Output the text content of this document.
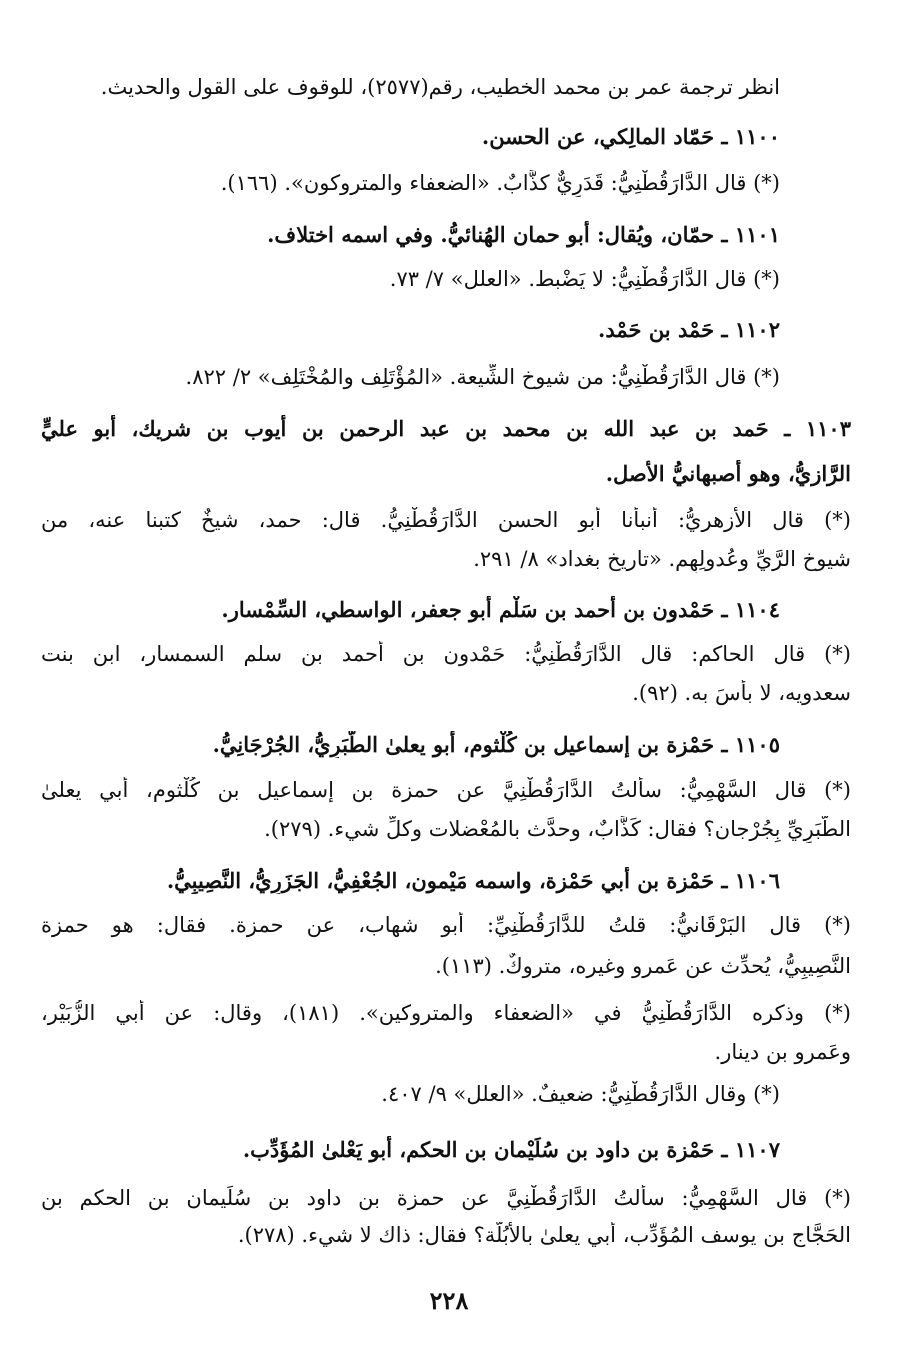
انظر ترجمة عمر بن محمد الخطيب، رقم(٢٥٧٧)، للوقوف على القول والحديث.
١١٠٠ ـ حَمّاد المالِكي، عن الحسن.
(*) قال الدَّارَقُطْنِيُّ: قَدَرِيٌّ كذَّابٌ. «الضعفاء والمتروكون». (١٦٦).
١١٠١ ـ حمّان، ويُقال: أبو حمان الهُنائيُّ. وفي اسمه اختلاف.
(*) قال الدَّارَقُطْنِيُّ: لا يَضْبط. «العلل» ٧/ ٧٣.
١١٠٢ ـ حَمْد بن حَمْد.
(*) قال الدَّارَقُطْنِيُّ: من شيوخ الشِّيعة. «المُؤْتَلِف والمُخْتَلِف» ٢/ ٨٢٢.
١١٠٣ ـ حَمد بن عبد الله بن محمد بن عبد الرحمن بن أيوب بن شريك، أبو عليٍّ
الرَّازيُّ، وهو أصبهانيُّ الأصل.
(*) قال الأزهريُّ: أنبأنا أبو الحسن الدَّارَقُطْنِيُّ. قال: حمد، شيخٌ كتبنا عنه، من
شيوخ الرَّيِّ وعُدولِهِم. «تاريخ بغداد» ٨/ ٢٩١.
١١٠٤ ـ حَمْدون بن أحمد بن سَلْم أبو جعفر، الواسطي، السِّمْسار.
(*) قال الحاكم: قال الدَّارَقُطْنِيُّ: حَمْدون بن أحمد بن سلم السمسار، ابن بنت
سعدويه، لا بأسَ به. (٩٢).
١١٠٥ ـ حَمْزة بن إسماعيل بن كُلْثوم، أبو يعلىٰ الطَّبَرِيُّ، الجُرْجَانِيُّ.
(*) قال السَّهْمِيُّ: سألتُ الدَّارَقُطْنِيَّ عن حمزة بن إسماعيل بن كُلْثوم، أبي يعلىٰ
الطَّبَرِيِّ بِجُرْجان؟ فقال: كَذَّابٌ، وحدَّث بالمُعْضلات وكلِّ شيء. (٢٧٩).
١١٠٦ ـ حَمْزة بن أبي حَمْزة، واسمه مَيْمون، الجُعْفِيُّ، الجَزَرِيُّ، النَّصِيبِيُّ.
(*) قال البَرْقَانيُّ: قلتُ للدَّارَقُطْنِيِّ: أبو شهاب، عن حمزة. فقال: هو حمزة
النَّصِيبِيُّ، يُحدِّث عن عَمرو وغيره، متروكٌ. (١١٣).
(*) وذكره الدَّارَقُطْنِيُّ في «الضعفاء والمتروكين». (١٨١)، وقال: عن أبي الزُّبَيْر،
وعَمرو بن دينار.
(*) وقال الدَّارَقُطْنِيُّ: ضعيفٌ. «العلل» ٩/ ٤٠٧.
١١٠٧ ـ حَمْزة بن داود بن سُلَيْمان بن الحكم، أبو يَعْلىٰ المُؤَدِّب.
(*) قال السَّهْمِيُّ: سألتُ الدَّارَقُطْنِيَّ عن حمزة بن داود بن سُلَيمان بن الحكم بن
الحَجَّاج بن يوسف المُؤَدِّب، أبي يعلىٰ بالأُبُلَّة؟ فقال: ذاك لا شيء. (٢٧٨).
٢٢٨
